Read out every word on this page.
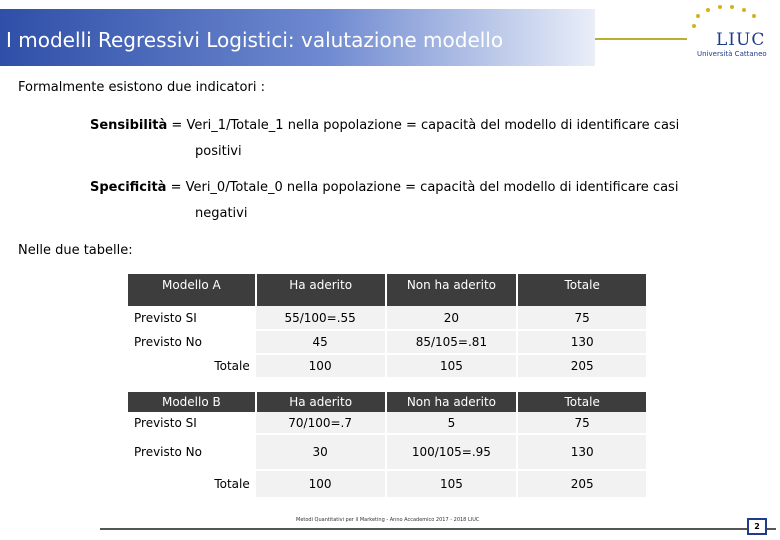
I modelli Regressivi Logistici: valutazione modello	LIUC
Università Cattaneo
Formalmente esistono due indicatori :
Sensibilità = Veri_1/Totale_1 nella popolazione = capacità del modello di identificare casi
positivi
Specificità = Veri_0/Totale_0 nella popolazione = capacità del modello di identificare casi
negativi
Nelle due tabelle:
Modello A	Ha aderito	Non ha aderito	Totale
Previsto SI	55/100=.55	20	75
Previsto No	45	85/105=.81	130
Totale	100	105	205
Modello B	Ha aderito	Non ha aderito	Totale
Previsto SI	70/100=.7	5	75
Previsto No	30	100/105=.95	130
Totale	100	105	205
Metodi Quantitativi per il Marketing - Anno Accademico 2017 - 2018 LIUC
2
